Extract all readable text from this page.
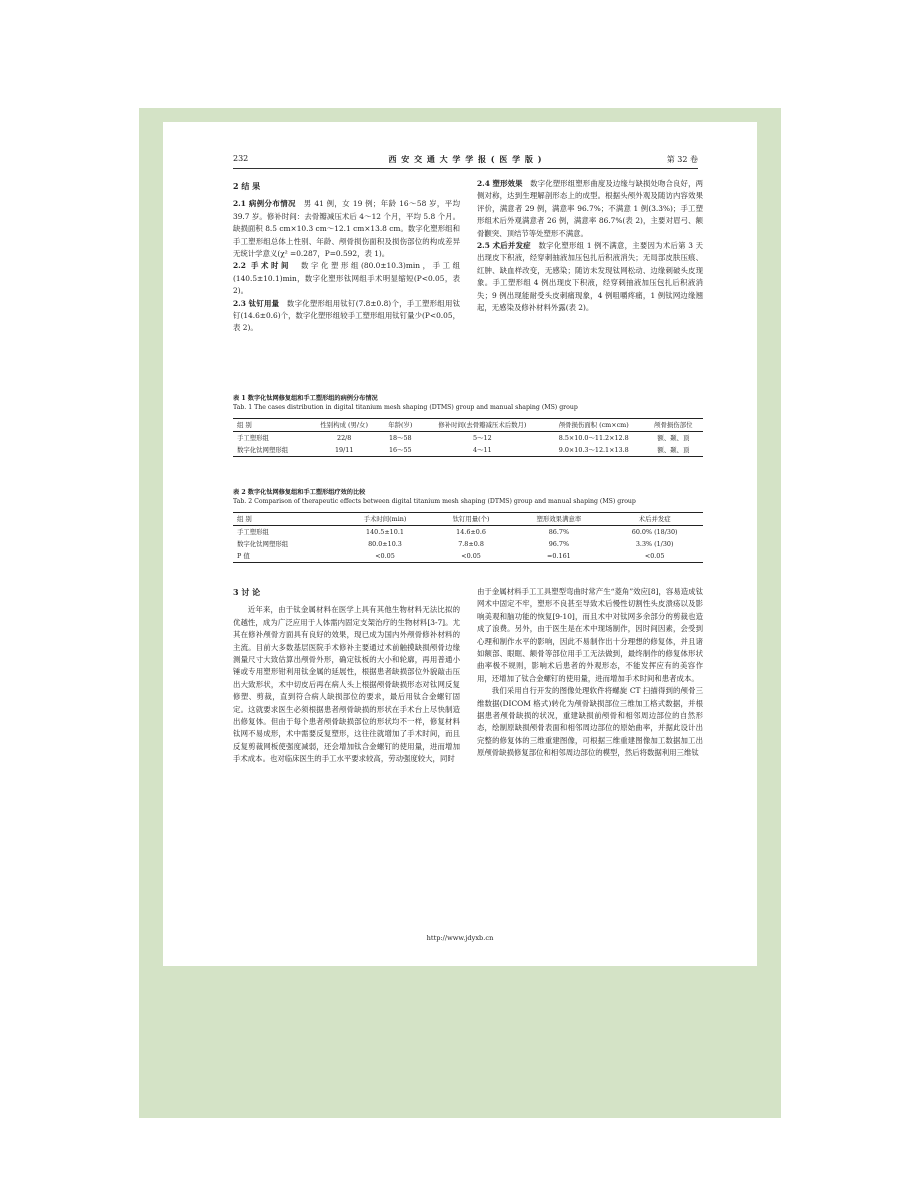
232	西 安 交 通 大 学 学 报 ( 医 学 版 )	第 32 卷

2 结 果

2.1 病例分布情况　 男 41 例，女 19 例；年龄 16～58 岁，平均 39.7 岁。修补时间：去骨瓣减压术后 4～12 个月，平均 5.8 个月。缺损面积 8.5 cm×10.3 cm～12.1 cm×13.8 cm。数字化塑形组和手工塑形组总体上性别、年龄、颅骨损伤面积及损伤部位的构成差异无统计学意义(χ² =0.287，P=0.592，表 1)。

2.2 手术时间　 数字化塑形组(80.0±10.3)min，手工组(140.5±10.1)min，数字化塑形钛网组手术明显缩短(P<0.05，表 2)。

2.3 钛钉用量　 数字化塑形组用钛钉(7.8±0.8)个，手工塑形组用钛钉(14.6±0.6)个，数字化塑形组较手工塑形组用钛钉量少(P<0.05，表 2)。

2.4 塑形效果　 数字化塑形组塑形曲度及边缘与缺损处吻合良好，两侧对称，达到生理解剖形态上的成型。根据头颅外观及随访内容效果评价，满意者 29 例，满意率 96.7%；不满意 1 例(3.3%)；手工塑形组术后外观满意者 26 例，满意率 86.7%(表 2)，主要对眉弓、额骨颧突、顶结节等处塑形不满意。

2.5 术后并发症　 数字化塑形组 1 例不满意，主要因为术后第 3 天出现皮下积液，经穿刺抽液加压包扎后积液消失；无局部皮肤压痕、红肿、缺血样改变，无感染；随访未发现钛网松动、边缘刺破头皮现象。手工塑形组 4 例出现皮下积液，经穿刺抽液加压包扎后积液消失；9 例出现能耐受头皮刺痛现象，4 例咀嚼疼痛，1 例钛网边缘翘起，无感染及修补材料外露(表 2)。

表 1 数字化钛网修复组和手工塑形组的病例分布情况
Tab. 1 The cases distribution in digital titanium mesh shaping (DTMS) group and manual shaping (MS) group
组 别	性别构成 (男/女)	年龄(岁)	修补时间(去骨瓣减压术后数月)	颅骨损伤面积 (cm×cm)	颅骨损伤部位
手工塑形组	22/8	18～58	5～12	8.5×10.0～11.2×12.8	额、颞、顶
数字化钛网塑形组	19/11	16～55	4～11	9.0×10.3～12.1×13.8	额、颞、顶
表 2 数字化钛网修复组和手工塑形组疗效的比较
Tab. 2 Comparison of therapeutic effects between digital titanium mesh shaping (DTMS) group and manual shaping (MS) group
组 别	手术时间(min)	钛钉用量(个)	塑形效果满意率	术后并发症
手工塑形组	140.5±10.1	14.6±0.6	86.7%	60.0% (18/30)
数字化钛网塑形组	80.0±10.3	7.8±0.8	96.7%	3.3% (1/30)
P 值	<0.05	<0.05	=0.161	<0.05

3 讨 论

近年来，由于钛金属材料在医学上具有其他生物材料无法比拟的优越性，成为广泛应用于人体需内固定支架治疗的生物材料[3-7]。尤其在修补颅骨方面具有良好的效果，现已成为国内外颅骨修补材料的主流。目前大多数基层医院手术修补主要通过术前触摸缺损颅骨边缘测量尺寸大致估算出颅骨外形，确定钛板的大小和轮廓，再用普通小锤或专用塑形钳利用钛金属的延展性，根据患者缺损部位外貌敲击压出大致形状，术中切皮后再在病人头上根据颅骨缺损形态对钛网反复修塑、剪裁，直到符合病人缺损部位的要求，最后用钛合金螺钉固定。这就要求医生必须根据患者颅骨缺损的形状在手术台上尽快制造出修复体。但由于每个患者颅骨缺损部位的形状均不一样，修复材料钛网不易成形，术中需要反复塑形，这往往就增加了手术时间，而且反复剪裁网板使强度减弱，还会增加钛合金螺钉的使用量，进而增加手术成本。也对临床医生的手工水平要求较高，劳动强度较大，同时

由于金属材料手工工具塑型弯曲时常产生“菱角”效应[8]，容易造成钛网术中固定不牢，塑形不良甚至导致术后慢性切割性头皮溃疡以及影响美观和脑功能的恢复[9-10]，而且术中对钛网多余部分的剪裁也造成了浪费。另外，由于医生是在术中现场制作，因时间因素，会受到心理和制作水平的影响，因此不易制作出十分理想的修复体，并且诸如额部、眼眶、额骨等部位用手工无法做到，最终制作的修复体形状曲率极不规则，影响术后患者的外观形态，不能发挥应有的美容作用，还增加了钛合金螺钉的使用量，进而增加手术时间和患者成本。

我们采用自行开发的图像处理软件将螺旋 CT 扫描得到的颅骨三维数据(DICOM 格式)转化为颅骨缺损部位三维加工格式数据，并根据患者颅骨缺损的状况，重建缺损前颅骨和相邻周边部位的自然形态，绘制原缺损颅骨表面和相邻周边部位的原始曲率，并据此设计出完整的修复体的三维重建图像，可根据三维重建图像加工数据加工出原颅骨缺损修复部位和相邻周边部位的模型，然后将数据利用三维钛

http://www.jdyxb.cn
